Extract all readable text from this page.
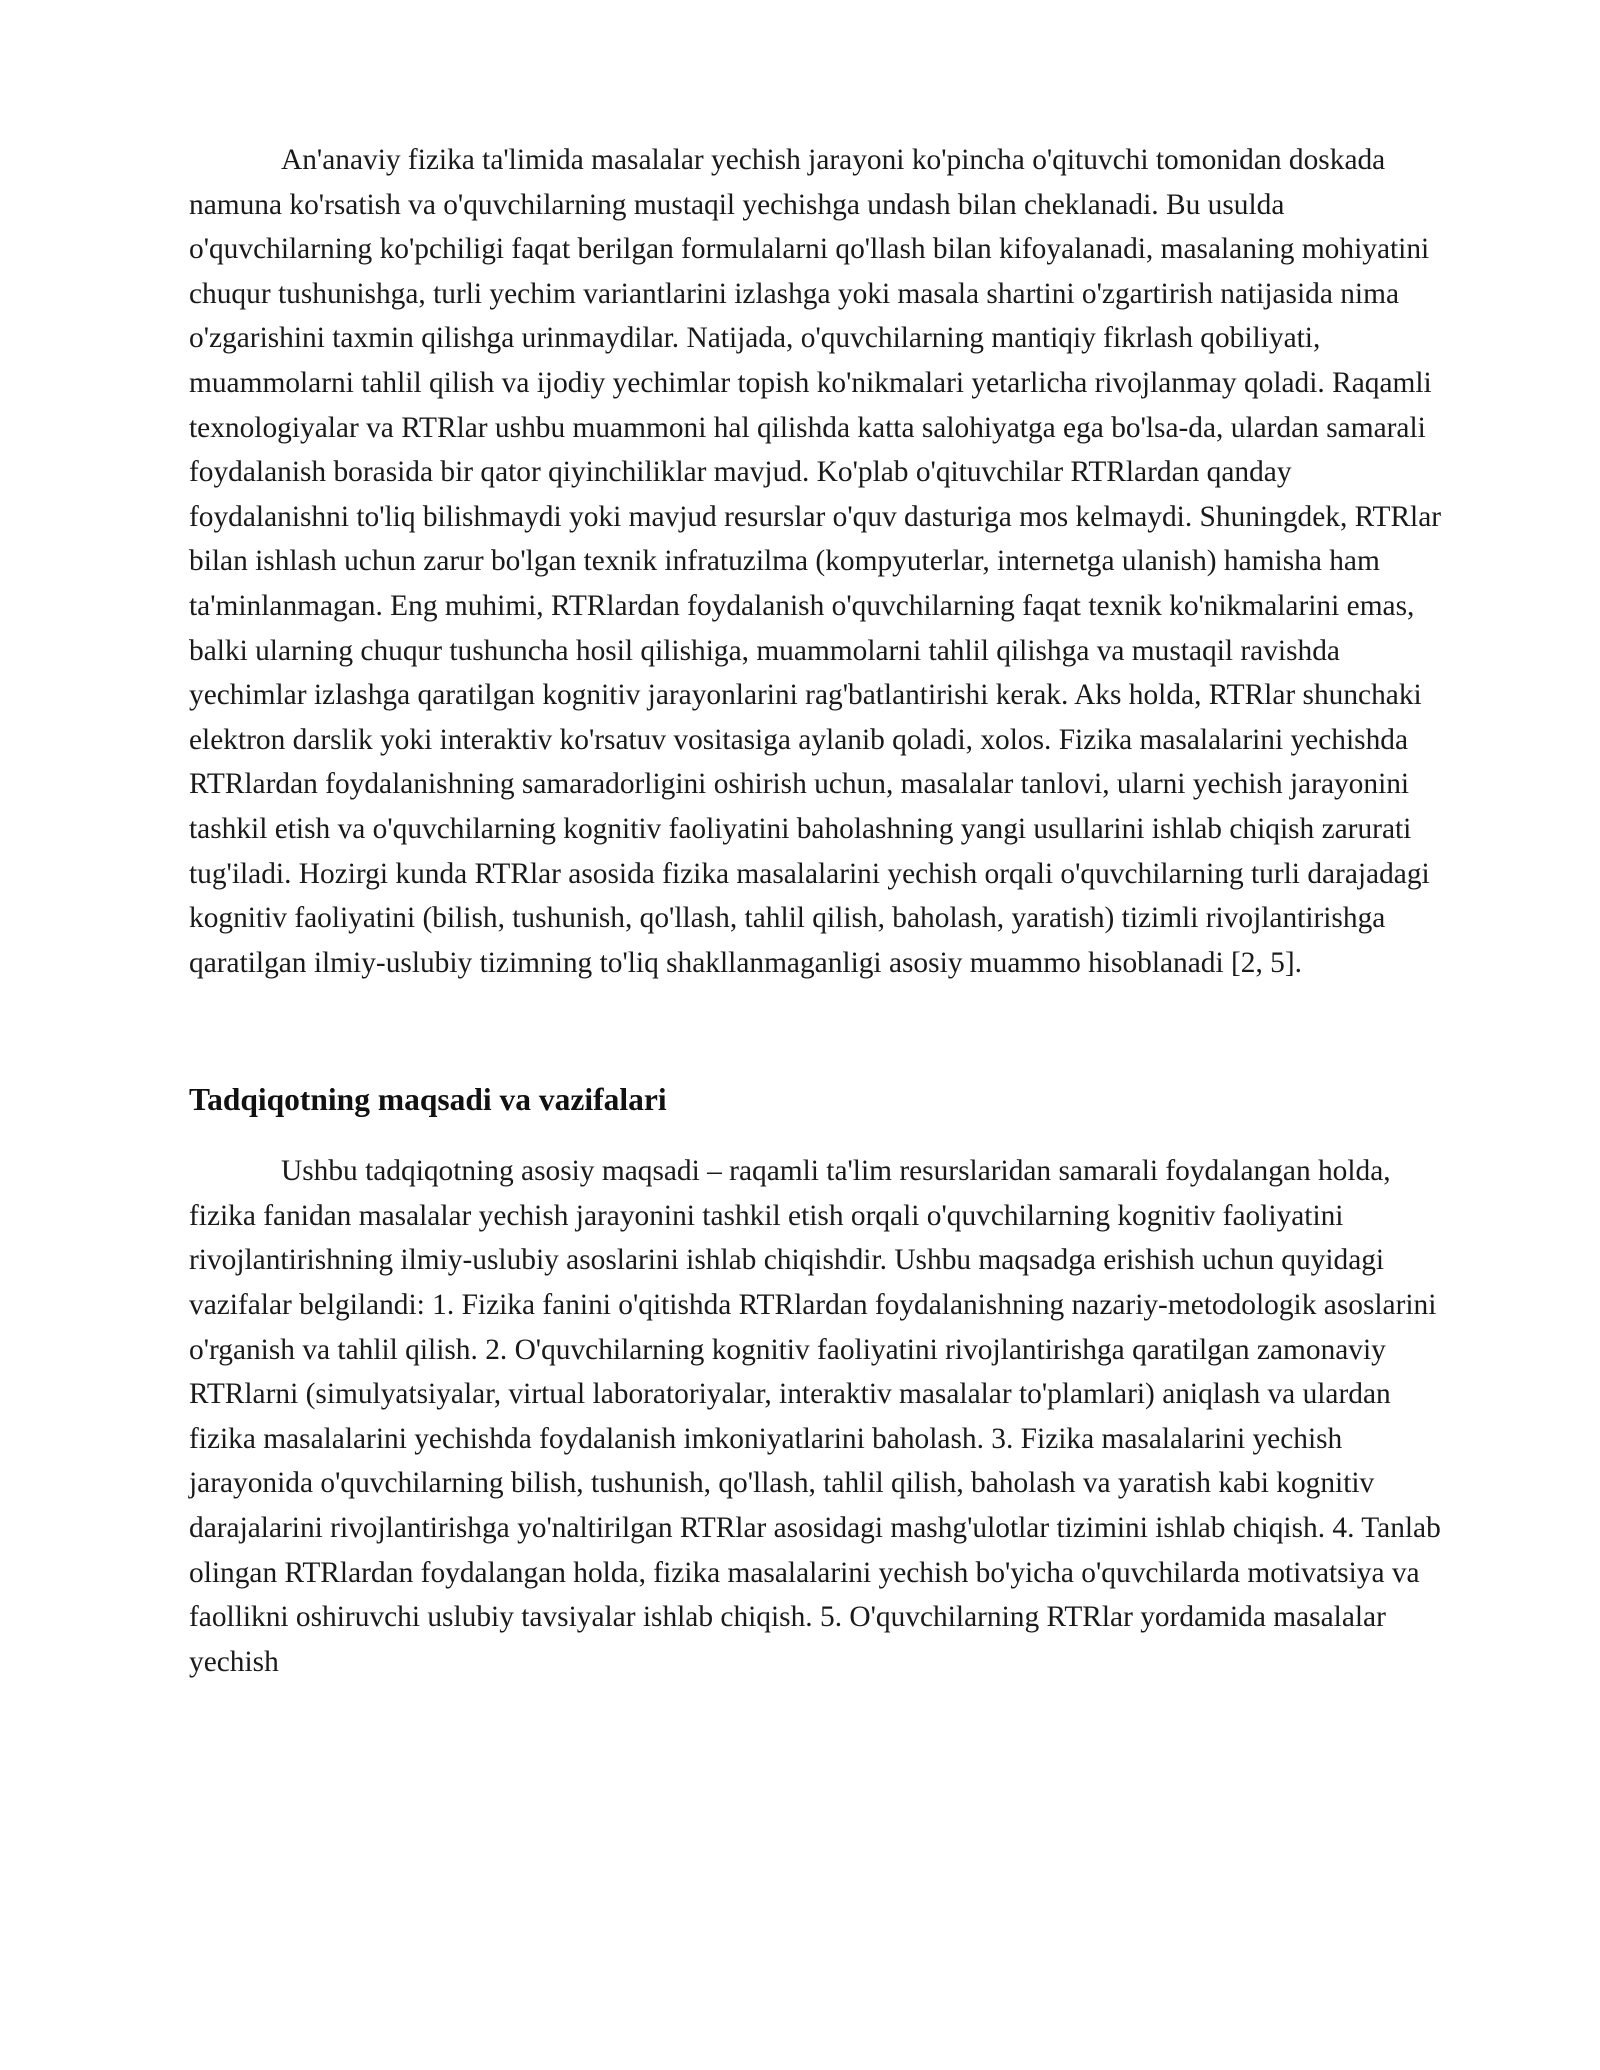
An'anaviy fizika ta'limida masalalar yechish jarayoni ko'pincha o'qituvchi tomonidan doskada namuna ko'rsatish va o'quvchilarning mustaqil yechishga undash bilan cheklanadi. Bu usulda o'quvchilarning ko'pchiligi faqat berilgan formulalarni qo'llash bilan kifoyalanadi, masalaning mohiyatini chuqur tushunishga, turli yechim variantlarini izlashga yoki masala shartini o'zgartirish natijasida nima o'zgarishini taxmin qilishga urinmaydilar. Natijada, o'quvchilarning mantiqiy fikrlash qobiliyati, muammolarni tahlil qilish va ijodiy yechimlar topish ko'nikmalari yetarlicha rivojlanmay qoladi. Raqamli texnologiyalar va RTRlar ushbu muammoni hal qilishda katta salohiyatga ega bo'lsa-da, ulardan samarali foydalanish borasida bir qator qiyinchiliklar mavjud. Ko'plab o'qituvchilar RTRlardan qanday foydalanishni to'liq bilishmaydi yoki mavjud resurslar o'quv dasturiga mos kelmaydi. Shuningdek, RTRlar bilan ishlash uchun zarur bo'lgan texnik infratuzilma (kompyuterlar, internetga ulanish) hamisha ham ta'minlanmagan. Eng muhimi, RTRlardan foydalanish o'quvchilarning faqat texnik ko'nikmalarini emas, balki ularning chuqur tushuncha hosil qilishiga, muammolarni tahlil qilishga va mustaqil ravishda yechimlar izlashga qaratilgan kognitiv jarayonlarini rag'batlantirishi kerak. Aks holda, RTRlar shunchaki elektron darslik yoki interaktiv ko'rsatuv vositasiga aylanib qoladi, xolos. Fizika masalalarini yechishda RTRlardan foydalanishning samaradorligini oshirish uchun, masalalar tanlovi, ularni yechish jarayonini tashkil etish va o'quvchilarning kognitiv faoliyatini baholashning yangi usullarini ishlab chiqish zarurati tug'iladi. Hozirgi kunda RTRlar asosida fizika masalalarini yechish orqali o'quvchilarning turli darajadagi kognitiv faoliyatini (bilish, tushunish, qo'llash, tahlil qilish, baholash, yaratish) tizimli rivojlantirishga qaratilgan ilmiy-uslubiy tizimning to'liq shakllanmaganligi asosiy muammo hisoblanadi [2, 5].

Tadqiqotning maqsadi va vazifalari

Ushbu tadqiqotning asosiy maqsadi – raqamli ta'lim resurslaridan samarali foydalangan holda, fizika fanidan masalalar yechish jarayonini tashkil etish orqali o'quvchilarning kognitiv faoliyatini rivojlantirishning ilmiy-uslubiy asoslarini ishlab chiqishdir. Ushbu maqsadga erishish uchun quyidagi vazifalar belgilandi: 1. Fizika fanini o'qitishda RTRlardan foydalanishning nazariy-metodologik asoslarini o'rganish va tahlil qilish. 2. O'quvchilarning kognitiv faoliyatini rivojlantirishga qaratilgan zamonaviy RTRlarni (simulyatsiyalar, virtual laboratoriyalar, interaktiv masalalar to'plamlari) aniqlash va ulardan fizika masalalarini yechishda foydalanish imkoniyatlarini baholash. 3. Fizika masalalarini yechish jarayonida o'quvchilarning bilish, tushunish, qo'llash, tahlil qilish, baholash va yaratish kabi kognitiv darajalarini rivojlantirishga yo'naltirilgan RTRlar asosidagi mashg'ulotlar tizimini ishlab chiqish. 4. Tanlab olingan RTRlardan foydalangan holda, fizika masalalarini yechish bo'yicha o'quvchilarda motivatsiya va faollikni oshiruvchi uslubiy tavsiyalar ishlab chiqish. 5. O'quvchilarning RTRlar yordamida masalalar yechish
